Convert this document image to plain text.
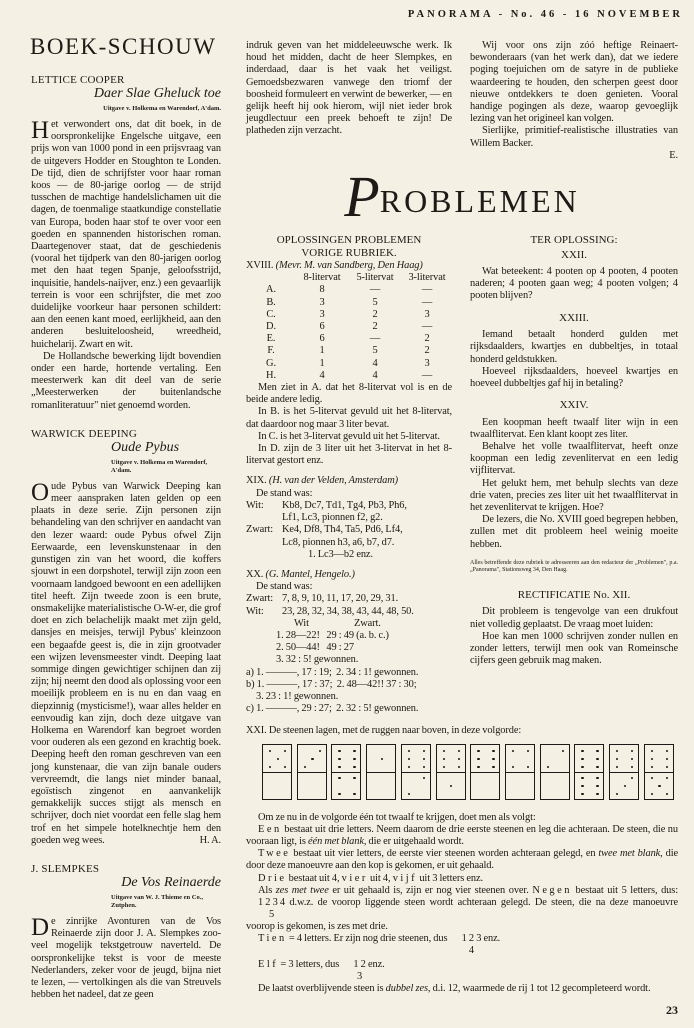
PANORAMA - No. 46 - 16 NOVEMBER
BOEK-SCHOUW
LETTICE COOPER
Daer Slae Gheluck toe
Uitgave v. Holkema en Warendorf, A'dam.

Het verwondert ons, dat dit boek, in de oorspronkelijke Engelsche uitgave, een prijs won van 1000 pond in een prijsvraag van de uitgevers Hodder en Stoughton te Londen. De tijd, dien de schrijfster voor haar roman koos — de 80-jarige oorlog — de strijd tusschen de machtige handelslichamen uit die dagen, de toenmalige staatkundige constellatie van Europa, boden haar stof te over voor een goeden en spannenden historischen roman. Daartegenover staat, dat de geschiedenis (vooral het tijdperk van den 80-jarigen oorlog met den haat tegen Spanje, geloofsstrijd, inquisitie, handels-naijver, enz.) een gevaarlijk terrein is voor een schrijfster, die met zoo duidelijke voorkeur haar personen schildert: aan den eenen kant moed, eerlijkheid, aan den anderen besluiteloosheid, wreedheid, huichelarij. Zwart en wit.

De Hollandsche bewerking lijdt bovendien onder een harde, hortende vertaling. Een meesterwerk kan dit deel van de serie „Meesterwerken der buitenlandsche romanliteratuur" niet genoemd worden.

WARWICK DEEPING
Oude Pybus
Uitgave v. Holkema en Warendorf, A'dam.

Oude Pybus van Warwick Deeping kan meer aanspraken laten gelden op een plaats in deze serie. Zijn personen zijn behandeling van den schrijver en aandacht van den lezer waard: oude Pybus ofwel Zijn Eerwaarde, een levenskunstenaar in den gunstigen zin van het woord, die koffers sjouwt in een dorpshotel, terwijl zijn zoon een voornaam landgoed bewoont en een adellijken titel heeft. Zijn tweede zoon is een brute, onsmakelijke materialistische O-W-er, die grof doet en zich belachelijk maakt met zijn geld, dansjes en meisjes, terwijl Pybus' kleinzoon een begaafde geest is, die in zijn grootvader een wijzen levensmeester vindt. Deeping laat sommige dingen gewichtiger schijnen dan zij zijn; hij neemt den dood als oplossing voor een moeilijk probleem en is nu en dan vaag en diepzinnig (mysticisme!), waar alles helder en eenvoudig kan zijn, doch deze uitgave van Holkema en Warendorf kan begroet worden voor ouderen als een gezond en krachtig boek. Deeping heeft den roman geschreven van een jong kunstenaar, die van zijn banale ouders vervreemdt, die langs niet minder banaal, egoïstisch zingenot en aanvankelijk gemakkelijk succes stijgt als mensch en schrijver, doch niet voordat een felle slag hem trof en het simpele hotelknechtje hem den goeden weg wees.	H. A.

J. SLEMPKES
De Vos Reinaerde
Uitgave van W. J. Thieme en Co., Zutphen.

De zinrijke Avonturen van de Vos Reinaerde zijn door J. A. Slempkes zoo-veel mogelijk tekstgetrouw naverteld. De oorspronkelijke tekst is voor de meeste Nederlanders, zeker voor de jeugd, bijna niet te lezen, — vertolkingen als die van Streuvels hebben het nadeel, dat ze geen

indruk geven van het middeleeuwsche werk. Ik houd het midden, dacht de heer Slempkes, en inderdaad, daar is het vaak het veiligst. Gemoedsbezwaren vanwege den triomf der boosheid formuleert en verwint de bewerker, — en gelijk heeft hij ook hierom, wijl niet ieder brok jeugdlectuur een preek behoeft te zijn! De platheden zijn verzacht.

Wij voor ons zijn zóó heftige Reinaert-bewonderaars (van het werk dan), dat we iedere poging toejuichen om de satyre in de publieke waardeering te houden, den scherpen geest door nieuwe ontdekkers te doen genieten. Vooral handige pogingen als deze, waarop gevoeglijk lezing van het origineel kan volgen.

Sierlijke, primitief-realistische illustraties van Willem Backer.

E.
PROBLEMEN
OPLOSSINGEN PROBLEMEN
VORIGE RUBRIEK.
XVIII. (Mevr. M. van Sandberg, Den Haag)
	8-litervat	5-litervat	3-litervat
A.	8	—	—
B.	3	5	—
C.	3	2	3
D.	6	2	—
E.	6	—	2
F.	1	5	2
G.	1	4	3
H.	4	4	—

Men ziet in A. dat het 8-litervat vol is en de beide andere ledig.

In B. is het 5-litervat gevuld uit het 8-litervat, dat daardoor nog maar 3 liter bevat.

In C. is het 3-litervat gevuld uit het 5-litervat.

In D. zijn de 3 liter uit het 3-litervat in het 8-litervat gestort enz.

XIX. (H. van der Velden, Amsterdam)
De stand was:
Wit:	Kb8, Dc7, Td1, Tg4, Pb3, Ph6,
Lf1, Lc3, pionnen f2, g2.
Zwart: Ke4, Df8, Th4, Ta5, Pd6, Lf4,
Lc8, pionnen h3, a6, b7, d7.
1. Lc3—b2 enz.
XX. (G. Mantel, Hengelo.)
De stand was:
Zwart: 7, 8, 9, 10, 11, 17, 20, 29, 31.
Wit:	23, 28, 32, 34, 38, 43, 44, 48, 50.
Wit	Zwart.
1. 28—22!   29 : 49 (a. b. c.)
2. 50—44!   49 : 27
3. 32 : 5! gewonnen.
a) 1. ———, 17 : 19;  2. 34 : 1! gewonnen.
b) 1. ———, 17 : 37;  2. 48—42!! 37 : 30;
3. 23 : 1! gewonnen.
c) 1. ———, 29 : 27;  2. 32 : 5! gewonnen.
TER OPLOSSING:
XXII.

Wat beteekent: 4 pooten op 4 pooten, 4 pooten naderen; 4 pooten gaan weg; 4 pooten volgen; 4 pooten blijven?

XXIII.

Iemand betaalt honderd gulden met rijksdaalders, kwartjes en dubbeltjes, in totaal honderd geldstukken.

Hoeveel rijksdaalders, hoeveel kwartjes en hoeveel dubbeltjes gaf hij in betaling?

XXIV.

Een koopman heeft twaalf liter wijn in een twaalflitervat. Een klant koopt zes liter.

Behalve het volle twaalflitervat, heeft onze koopman een ledig zevenlitervat en een ledig vijflitervat.

Het gelukt hem, met behulp slechts van deze drie vaten, precies zes liter uit het twaalflitervat in het zevenlitervat te krijgen. Hoe?

De lezers, die No. XVIII goed begrepen hebben, zullen met dit probleem heel weinig moeite hebben.

Alles betreffende deze rubriek te adresseeren aan den redacteur der „Problemen", p.a. „Panorama", Stationsweg 34, Den Haag.
RECTIFICATIE No. XII.

Dit probleem is tengevolge van een drukfout niet volledig geplaatst. De vraag moet luiden:

Hoe kan men 1000 schrijven zonder nullen en zonder letters, terwijl men ook van Romeinsche cijfers geen gebruik mag maken.

XXI. De steenen lagen, met de ruggen naar boven, in deze volgorde:

Om ze nu in de volgorde één tot twaalf te krijgen, doet men als volgt:

Een bestaat uit drie letters. Neem daarom de drie eerste steenen en leg die achteraan. De steen, die nu vooraan ligt, is één met blank, die er uitgehaald wordt.

Twee bestaat uit vier letters, de eerste vier steenen worden achteraan gelegd, en twee met blank, die door deze manoeuvre aan den kop is gekomen, er uit gehaald.

Drie bestaat uit 4, vier uit 4, vijf uit 3 letters enz.

Als zes met twee er uit gehaald is, zijn er nog vier steenen over. Negen bestaat uit 5 letters, dus:
1 2 3 4
5
d.w.z. de voorop liggende steen wordt achteraan gelegd. De steen, die na deze manoeuvre voorop is gekomen, is zes met drie.

Tien = 4 letters. Er zijn nog drie steenen, dus	1 2 3
4
enz.

Elf = 3 letters, dus	1 2
3
enz.

De laatst overblijvende steen is dubbel zes, d.i. 12, waarmede de rij 1 tot 12 gecompleteerd wordt.

23
